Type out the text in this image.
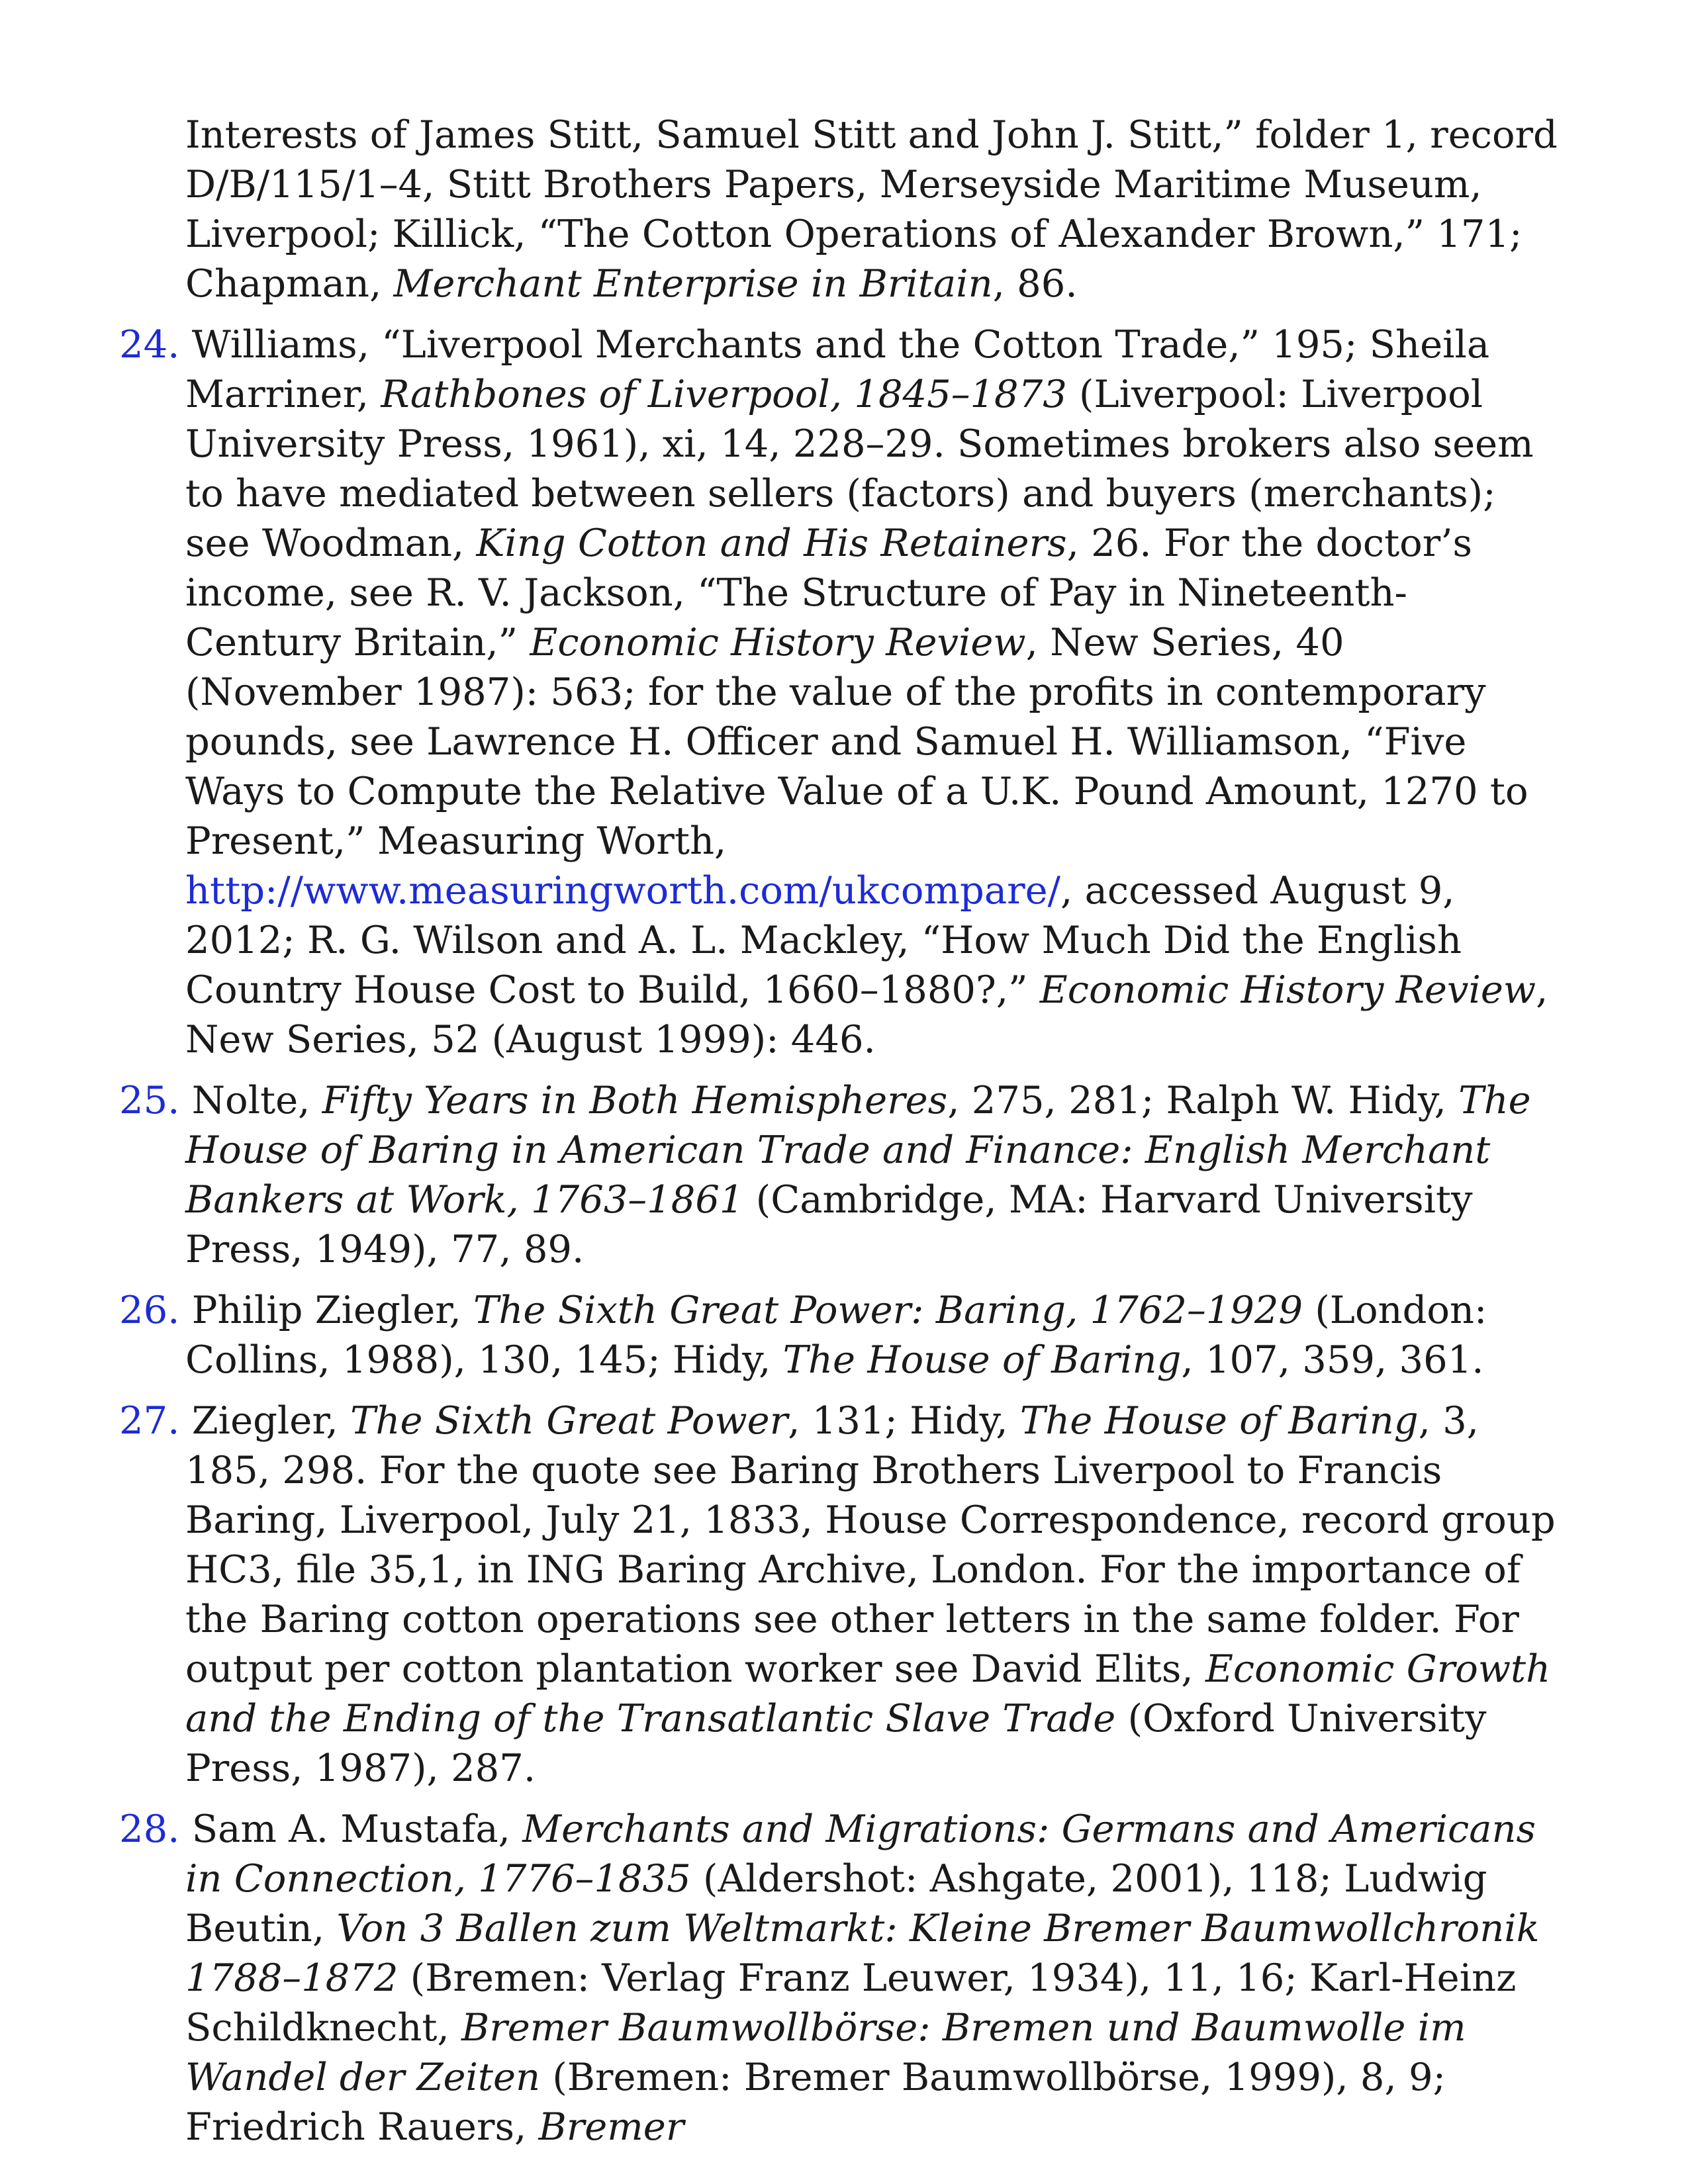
Interests of James Stitt, Samuel Stitt and John J. Stitt,” folder 1, record D/B/115/1–4, Stitt Brothers Papers, Merseyside Maritime Museum, Liverpool; Killick, “The Cotton Operations of Alexander Brown,” 171; Chapman, Merchant Enterprise in Britain, 86.

24. Williams, “Liverpool Merchants and the Cotton Trade,” 195; Sheila Marriner, Rathbones of Liverpool, 1845–1873 (Liverpool: Liverpool University Press, 1961), xi, 14, 228–29. Sometimes brokers also seem to have mediated between sellers (factors) and buyers (merchants); see Woodman, King Cotton and His Retainers, 26. For the doctor’s income, see R. V. Jackson, “The Structure of Pay in Nineteenth-Century Britain,” Economic History Review, New Series, 40 (November 1987): 563; for the value of the profits in contemporary pounds, see Lawrence H. Officer and Samuel H. Williamson, “Five Ways to Compute the Relative Value of a U.K. Pound Amount, 1270 to Present,” Measuring Worth, http://www.measuringworth.com/ukcompare/, accessed August 9, 2012; R. G. Wilson and A. L. Mackley, “How Much Did the English Country House Cost to Build, 1660–1880?,” Economic History Review, New Series, 52 (August 1999): 446.

25. Nolte, Fifty Years in Both Hemispheres, 275, 281; Ralph W. Hidy, The House of Baring in American Trade and Finance: English Merchant Bankers at Work, 1763–1861 (Cambridge, MA: Harvard University Press, 1949), 77, 89.

26. Philip Ziegler, The Sixth Great Power: Baring, 1762–1929 (London: Collins, 1988), 130, 145; Hidy, The House of Baring, 107, 359, 361.

27. Ziegler, The Sixth Great Power, 131; Hidy, The House of Baring, 3, 185, 298. For the quote see Baring Brothers Liverpool to Francis Baring, Liverpool, July 21, 1833, House Correspondence, record group HC3, file 35,1, in ING Baring Archive, London. For the importance of the Baring cotton operations see other letters in the same folder. For output per cotton plantation worker see David Elits, Economic Growth and the Ending of the Transatlantic Slave Trade (Oxford University Press, 1987), 287.

28. Sam A. Mustafa, Merchants and Migrations: Germans and Americans in Connection, 1776–1835 (Aldershot: Ashgate, 2001), 118; Ludwig Beutin, Von 3 Ballen zum Weltmarkt: Kleine Bremer Baumwollchronik 1788–1872 (Bremen: Verlag Franz Leuwer, 1934), 11, 16; Karl-Heinz Schildknecht, Bremer Baumwollbörse: Bremen und Baumwolle im Wandel der Zeiten (Bremen: Bremer Baumwollbörse, 1999), 8, 9; Friedrich Rauers, Bremer
